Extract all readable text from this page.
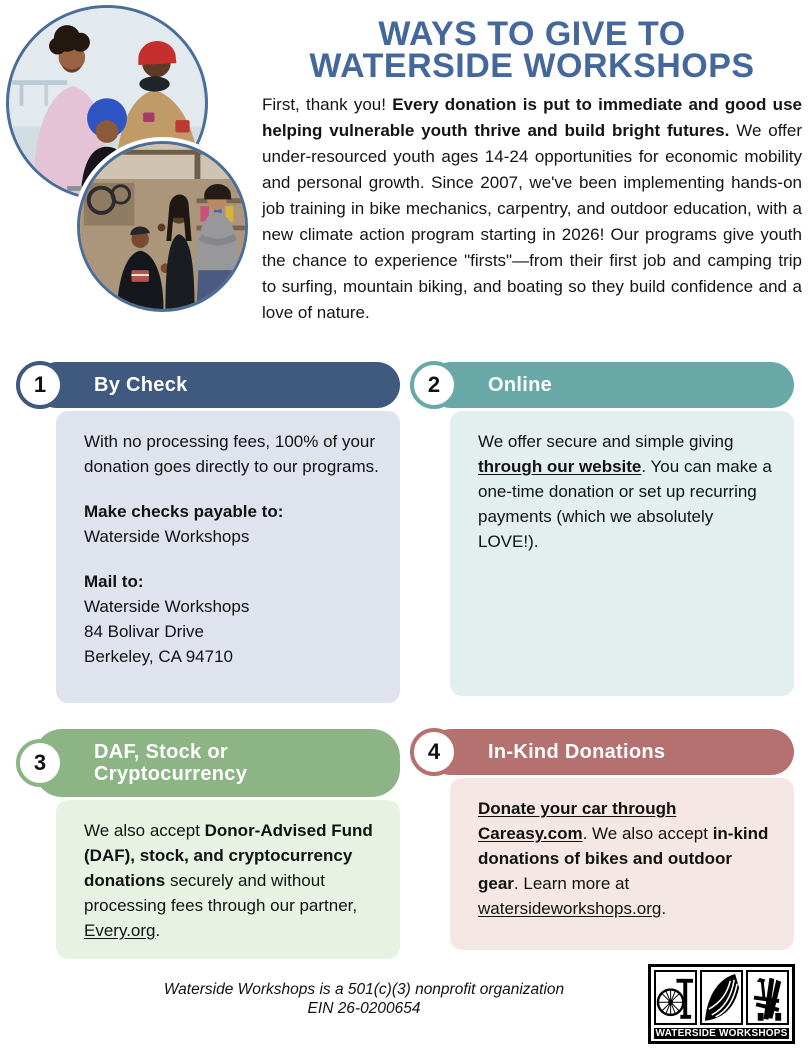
WAYS TO GIVE TO
WATERSIDE WORKSHOPS

First, thank you! Every donation is put to immediate and good use helping vulnerable youth thrive and build bright futures. We offer under-resourced youth ages 14-24 opportunities for economic mobility and personal growth. Since 2007, we've been implementing hands-on job training in bike mechanics, carpentry, and outdoor education, with a new climate action program starting in 2026! Our programs give youth the chance to experience "firsts"—from their first job and camping trip to surfing, mountain biking, and boating so they build confidence and a love of nature.

1	By Check

With no processing fees, 100% of your donation goes directly to our programs.

Make checks payable to:
Waterside Workshops

Mail to:
Waterside Workshops
84 Bolivar Drive
Berkeley, CA 94710

2	Online

We offer secure and simple giving through our website. You can make a one-time donation or set up recurring payments (which we absolutely LOVE!).

3	DAF, Stock or
Cryptocurrency

We also accept Donor-Advised Fund (DAF), stock, and cryptocurrency donations securely and without processing fees through our partner, Every.org.

4	In-Kind Donations

Donate your car through Careasy.com. We also accept in-kind donations of bikes and outdoor gear. Learn more at watersideworkshops.org.

Waterside Workshops is a 501(c)(3) nonprofit organization
EIN 26-0200654
WATERSIDE WORKSHOPS
